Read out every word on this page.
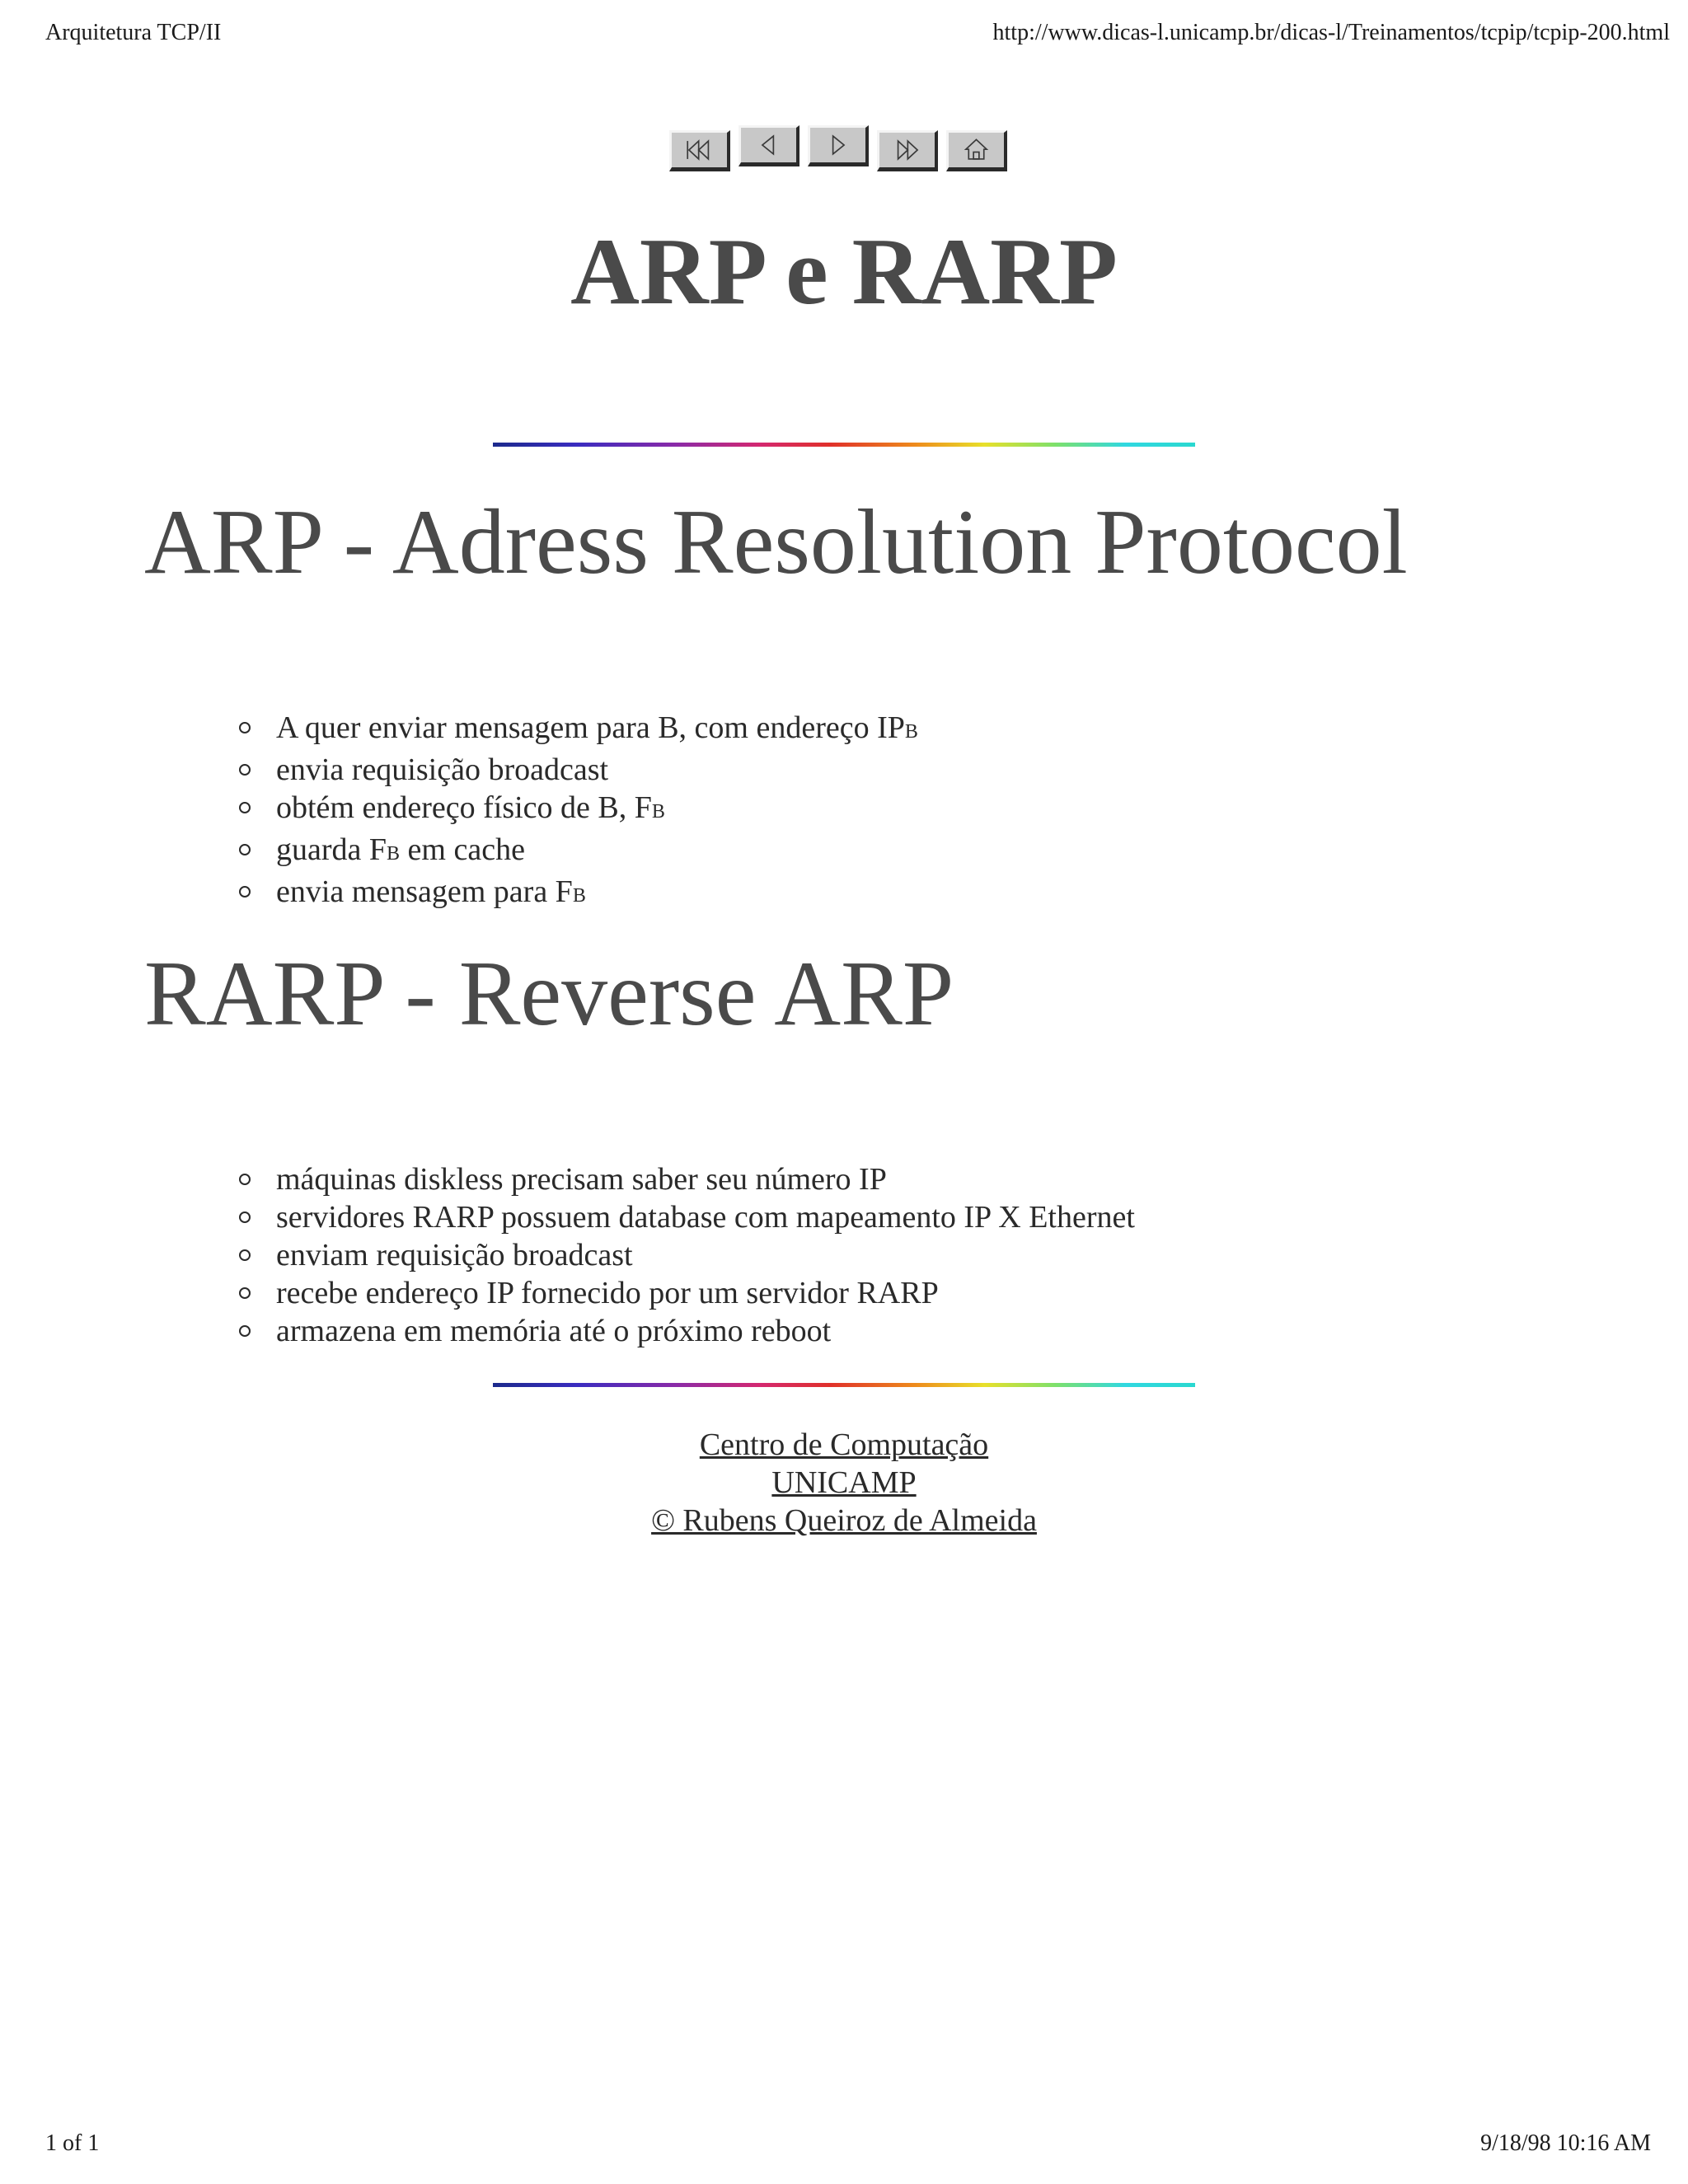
Arquitetura TCP/II	http://www.dicas-l.unicamp.br/dicas-l/Treinamentos/tcpip/tcpip-200.html
ARP e RARP
ARP - Adress Resolution Protocol
A quer enviar mensagem para B, com endereço IPB
envia requisição broadcast
obtém endereço físico de B, FB
guarda FB em cache
envia mensagem para FB
RARP - Reverse ARP
máquinas diskless precisam saber seu número IP
servidores RARP possuem database com mapeamento IP X Ethernet
enviam requisição broadcast
recebe endereço IP fornecido por um servidor RARP
armazena em memória até o próximo reboot
Centro de Computação
UNICAMP
© Rubens Queiroz de Almeida
1 of 1	9/18/98 10:16 AM
